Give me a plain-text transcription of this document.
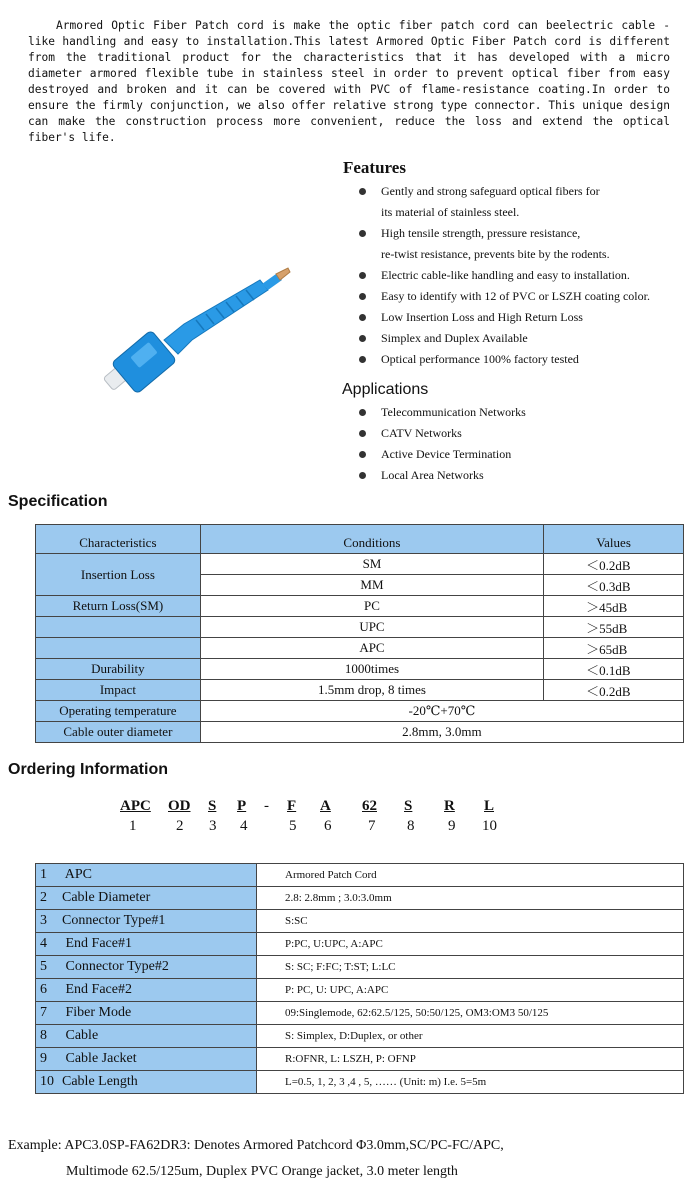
Armored Optic Fiber Patch cord is make the optic fiber patch cord can beelectric cable -like handling and easy to installation.This latest Armored Optic Fiber Patch cord is different from the traditional product for the characteristics that it has developed with a micro diameter armored flexible tube in stainless steel in order to prevent optical fiber from easy destroyed and broken and it can be covered with PVC of flame-resistance coating.In order to ensure the firmly conjunction, we also offer relative strong type connector. This unique design can make the construction process more convenient, reduce the loss and extend the optical fiber's life.

Features
Gently and strong safeguard optical fibers for
its material of stainless steel.
High tensile strength, pressure resistance,
re-twist resistance, prevents bite by the rodents.
Electric cable-like handling and easy to installation.
Easy to identify with 12 of PVC or LSZH coating color.
Low Insertion Loss and High Return Loss
Simplex and Duplex Available
Optical performance 100% factory tested
Applications
Telecommunication Networks
CATV Networks
Active Device Termination
Local Area Networks
Specification
Characteristics	Conditions	Values
Insertion Loss	SM	＜0.2dB
	MM	＜0.3dB
Return Loss(SM)	PC	＞45dB
	UPC	＞55dB
	APC	＞65dB
Durability	1000times	＜0.1dB
Impact	1.5mm drop, 8 times	＜0.2dB
Operating temperature	-20℃+70℃	
Cable outer diameter	2.8mm, 3.0mm	
Ordering Information
APC
1
OD
2
S
3
P
4
- F
5
A
6
62
7
S
8
R
9
L
10
1 APC	Armored Patch Cord
2 Cable Diameter	2.8: 2.8mm ; 3.0:3.0mm
3 Connector Type#1	S:SC
4 End Face#1	P:PC, U:UPC, A:APC
5 Connector Type#2	S: SC; F:FC; T:ST; L:LC
6 End Face#2	P: PC, U: UPC, A:APC
7 Fiber Mode	09:Singlemode, 62:62.5/125, 50:50/125, OM3:OM3 50/125
8 Cable	S: Simplex, D:Duplex, or other
9 Cable Jacket	R:OFNR, L: LSZH, P: OFNP
10 Cable Length	L=0.5, 1, 2, 3 ,4 , 5, …… (Unit: m) I.e. 5=5m
Example: APC3.0SP-FA62DR3: Denotes Armored Patchcord Φ3.0mm,SC/PC-FC/APC,
Multimode 62.5/125um, Duplex PVC Orange jacket, 3.0 meter length
